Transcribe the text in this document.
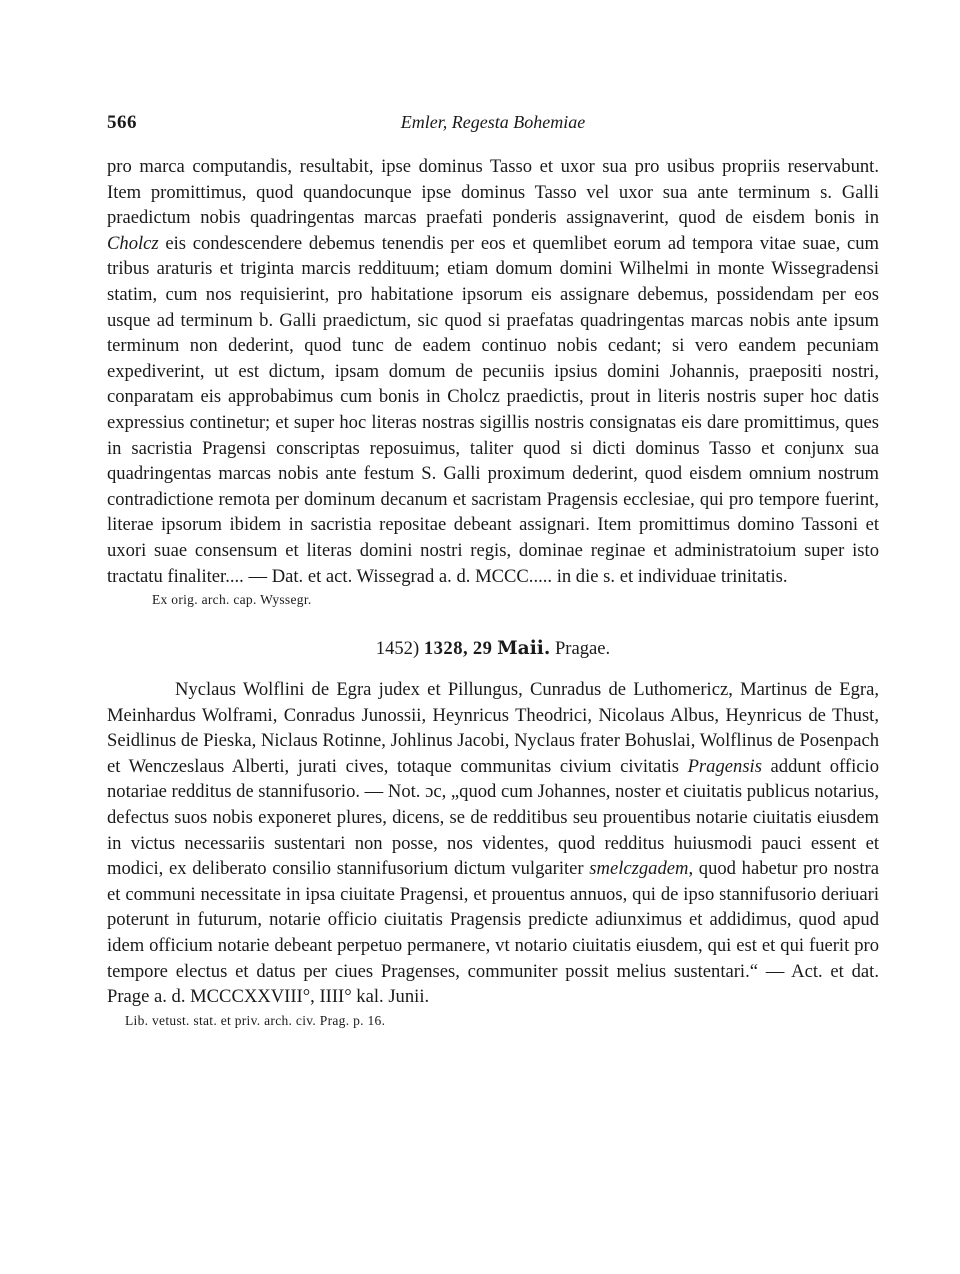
566	Emler, Regesta Bohemiae

pro marca computandis, resultabit, ipse dominus Tasso et uxor sua pro usibus propriis reservabunt. Item promittimus, quod quandocunque ipse dominus Tasso vel uxor sua ante terminum s. Galli praedictum nobis quadringentas marcas praefati ponderis assignaverint, quod de eisdem bonis in Cholcz eis condescendere debemus tenendis per eos et quemlibet eorum ad tempora vitae suae, cum tribus araturis et triginta marcis reddituum; etiam domum domini Wilhelmi in monte Wissegradensi statim, cum nos requisierint, pro habitatione ipsorum eis assignare debemus, possidendam per eos usque ad terminum b. Galli praedictum, sic quod si praefatas quadringentas marcas nobis ante ipsum terminum non dederint, quod tunc de eadem continuo nobis cedant; si vero eandem pecuniam expediverint, ut est dictum, ipsam domum de pecuniis ipsius domini Johannis, praepositi nostri, conparatam eis approbabimus cum bonis in Cholcz praedictis, prout in literis nostris super hoc datis expressius continetur; et super hoc literas nostras sigillis nostris consignatas eis dare promittimus, ques in sacristia Pragensi conscriptas reposuimus, taliter quod si dicti dominus Tasso et conjunx sua quadringentas marcas nobis ante festum S. Galli proximum dederint, quod eisdem omnium nostrum contradictione remota per dominum decanum et sacristam Pragensis ecclesiae, qui pro tempore fuerint, literae ipsorum ibidem in sacristia repositae debeant assignari. Item promittimus domino Tassoni et uxori suae consensum et literas domini nostri regis, dominae reginae et administratoium super isto tractatu finaliter.... — Dat. et act. Wissegrad a. d. MCCC..... in die s. et individuae trinitatis.

Ex orig. arch. cap. Wyssegr.
1452) 1328, 29 Maii. Pragae.

Nyclaus Wolflini de Egra judex et Pillungus, Cunradus de Luthomericz, Martinus de Egra, Meinhardus Wolframi, Conradus Junossii, Heynricus Theodrici, Nicolaus Albus, Heynricus de Thust, Seidlinus de Pieska, Niclaus Rotinne, Johlinus Jacobi, Nyclaus frater Bohuslai, Wolflinus de Posenpach et Wenczeslaus Alberti, jurati cives, totaque communitas civium civitatis Pragensis addunt officio notariae redditus de stannifusorio. — Not. ɔc, „quod cum Johannes, noster et ciuitatis publicus notarius, defectus suos nobis exponeret plures, dicens, se de redditibus seu prouentibus notarie ciuitatis eiusdem in victus necessariis sustentari non posse, nos videntes, quod redditus huiusmodi pauci essent et modici, ex deliberato consilio stannifusorium dictum vulgariter smelczgadem, quod habetur pro nostra et communi necessitate in ipsa ciuitate Pragensi, et prouentus annuos, qui de ipso stannifusorio deriuari poterunt in futurum, notarie officio ciuitatis Pragensis predicte adiunximus et addidimus, quod apud idem officium notarie debeant perpetuo permanere, vt notario ciuitatis eiusdem, qui est et qui fuerit pro tempore electus et datus per ciues Pragenses, communiter possit melius sustentari.“ — Act. et dat. Prage a. d. MCCCXXVIII°, IIII° kal. Junii.

Lib. vetust. stat. et priv. arch. civ. Prag. p. 16.
